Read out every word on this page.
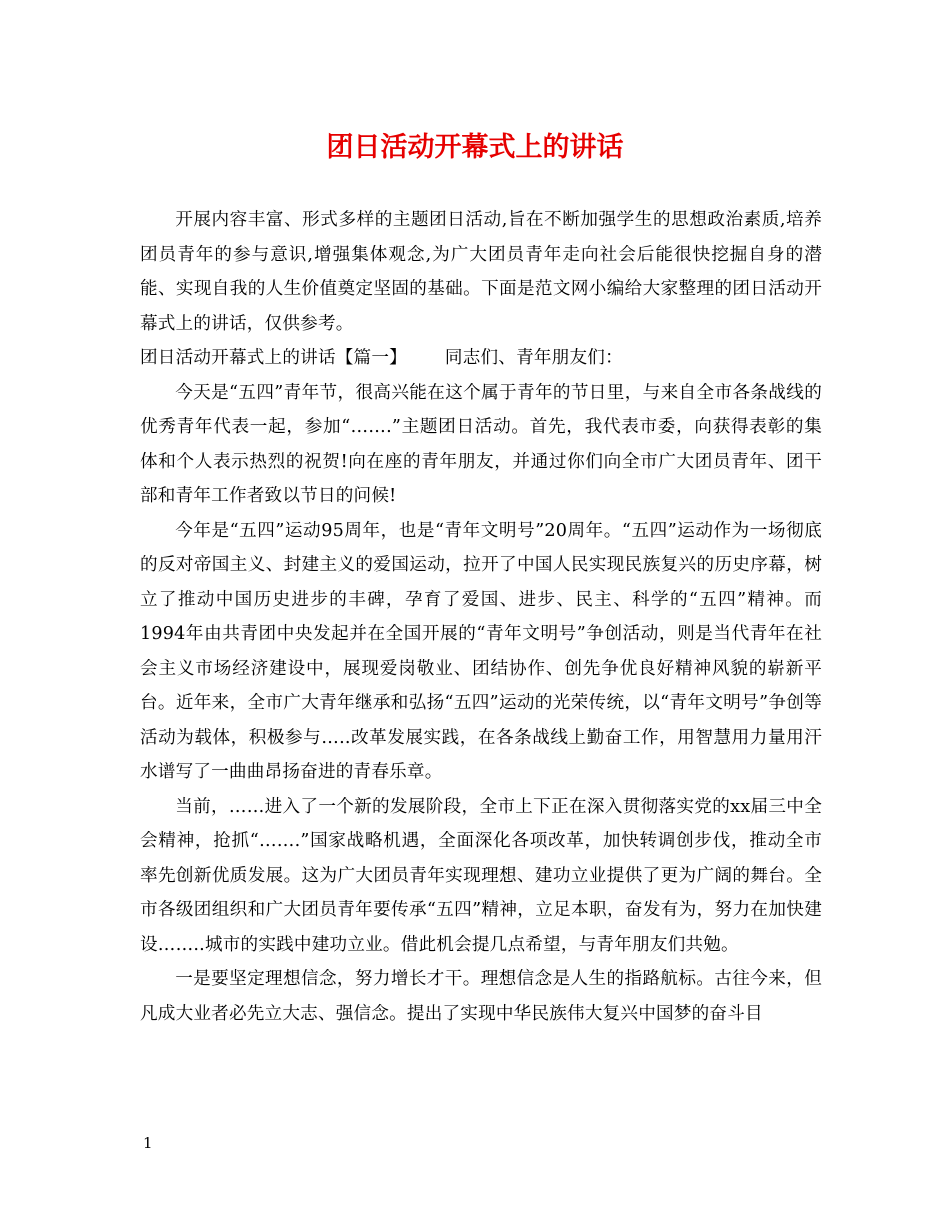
团日活动开幕式上的讲话

开展内容丰富、形式多样的主题团日活动,旨在不断加强学生的思想政治素质,培养团员青年的参与意识,增强集体观念,为广大团员青年走向社会后能很快挖掘自身的潜能、实现自我的人生价值奠定坚固的基础。下面是范文网小编给大家整理的团日活动开幕式上的讲话，仅供参考。

团日活动开幕式上的讲话【篇一】 同志们、青年朋友们：

今天是“五四”青年节，很高兴能在这个属于青年的节日里，与来自全市各条战线的优秀青年代表一起，参加“…….”主题团日活动。首先，我代表市委，向获得表彰的集体和个人表示热烈的祝贺!向在座的青年朋友，并通过你们向全市广大团员青年、团干部和青年工作者致以节日的问候!

今年是“五四”运动95周年，也是“青年文明号”20周年。“五四”运动作为一场彻底的反对帝国主义、封建主义的爱国运动，拉开了中国人民实现民族复兴的历史序幕，树立了推动中国历史进步的丰碑，孕育了爱国、进步、民主、科学的“五四”精神。而1994年由共青团中央发起并在全国开展的“青年文明号”争创活动，则是当代青年在社会主义市场经济建设中，展现爱岗敬业、团结协作、创先争优良好精神风貌的崭新平台。近年来，全市广大青年继承和弘扬“五四”运动的光荣传统，以“青年文明号”争创等活动为载体，积极参与…..改革发展实践，在各条战线上勤奋工作，用智慧用力量用汗水谱写了一曲曲昂扬奋进的青春乐章。

当前，……进入了一个新的发展阶段，全市上下正在深入贯彻落实党的xx届三中全会精神，抢抓“…….”国家战略机遇，全面深化各项改革，加快转调创步伐，推动全市率先创新优质发展。这为广大团员青年实现理想、建功立业提供了更为广阔的舞台。全市各级团组织和广大团员青年要传承“五四”精神，立足本职，奋发有为，努力在加快建设……..城市的实践中建功立业。借此机会提几点希望，与青年朋友们共勉。

一是要坚定理想信念，努力增长才干。理想信念是人生的指路航标。古往今来，但凡成大业者必先立大志、强信念。提出了实现中华民族伟大复兴中国梦的奋斗目

1
